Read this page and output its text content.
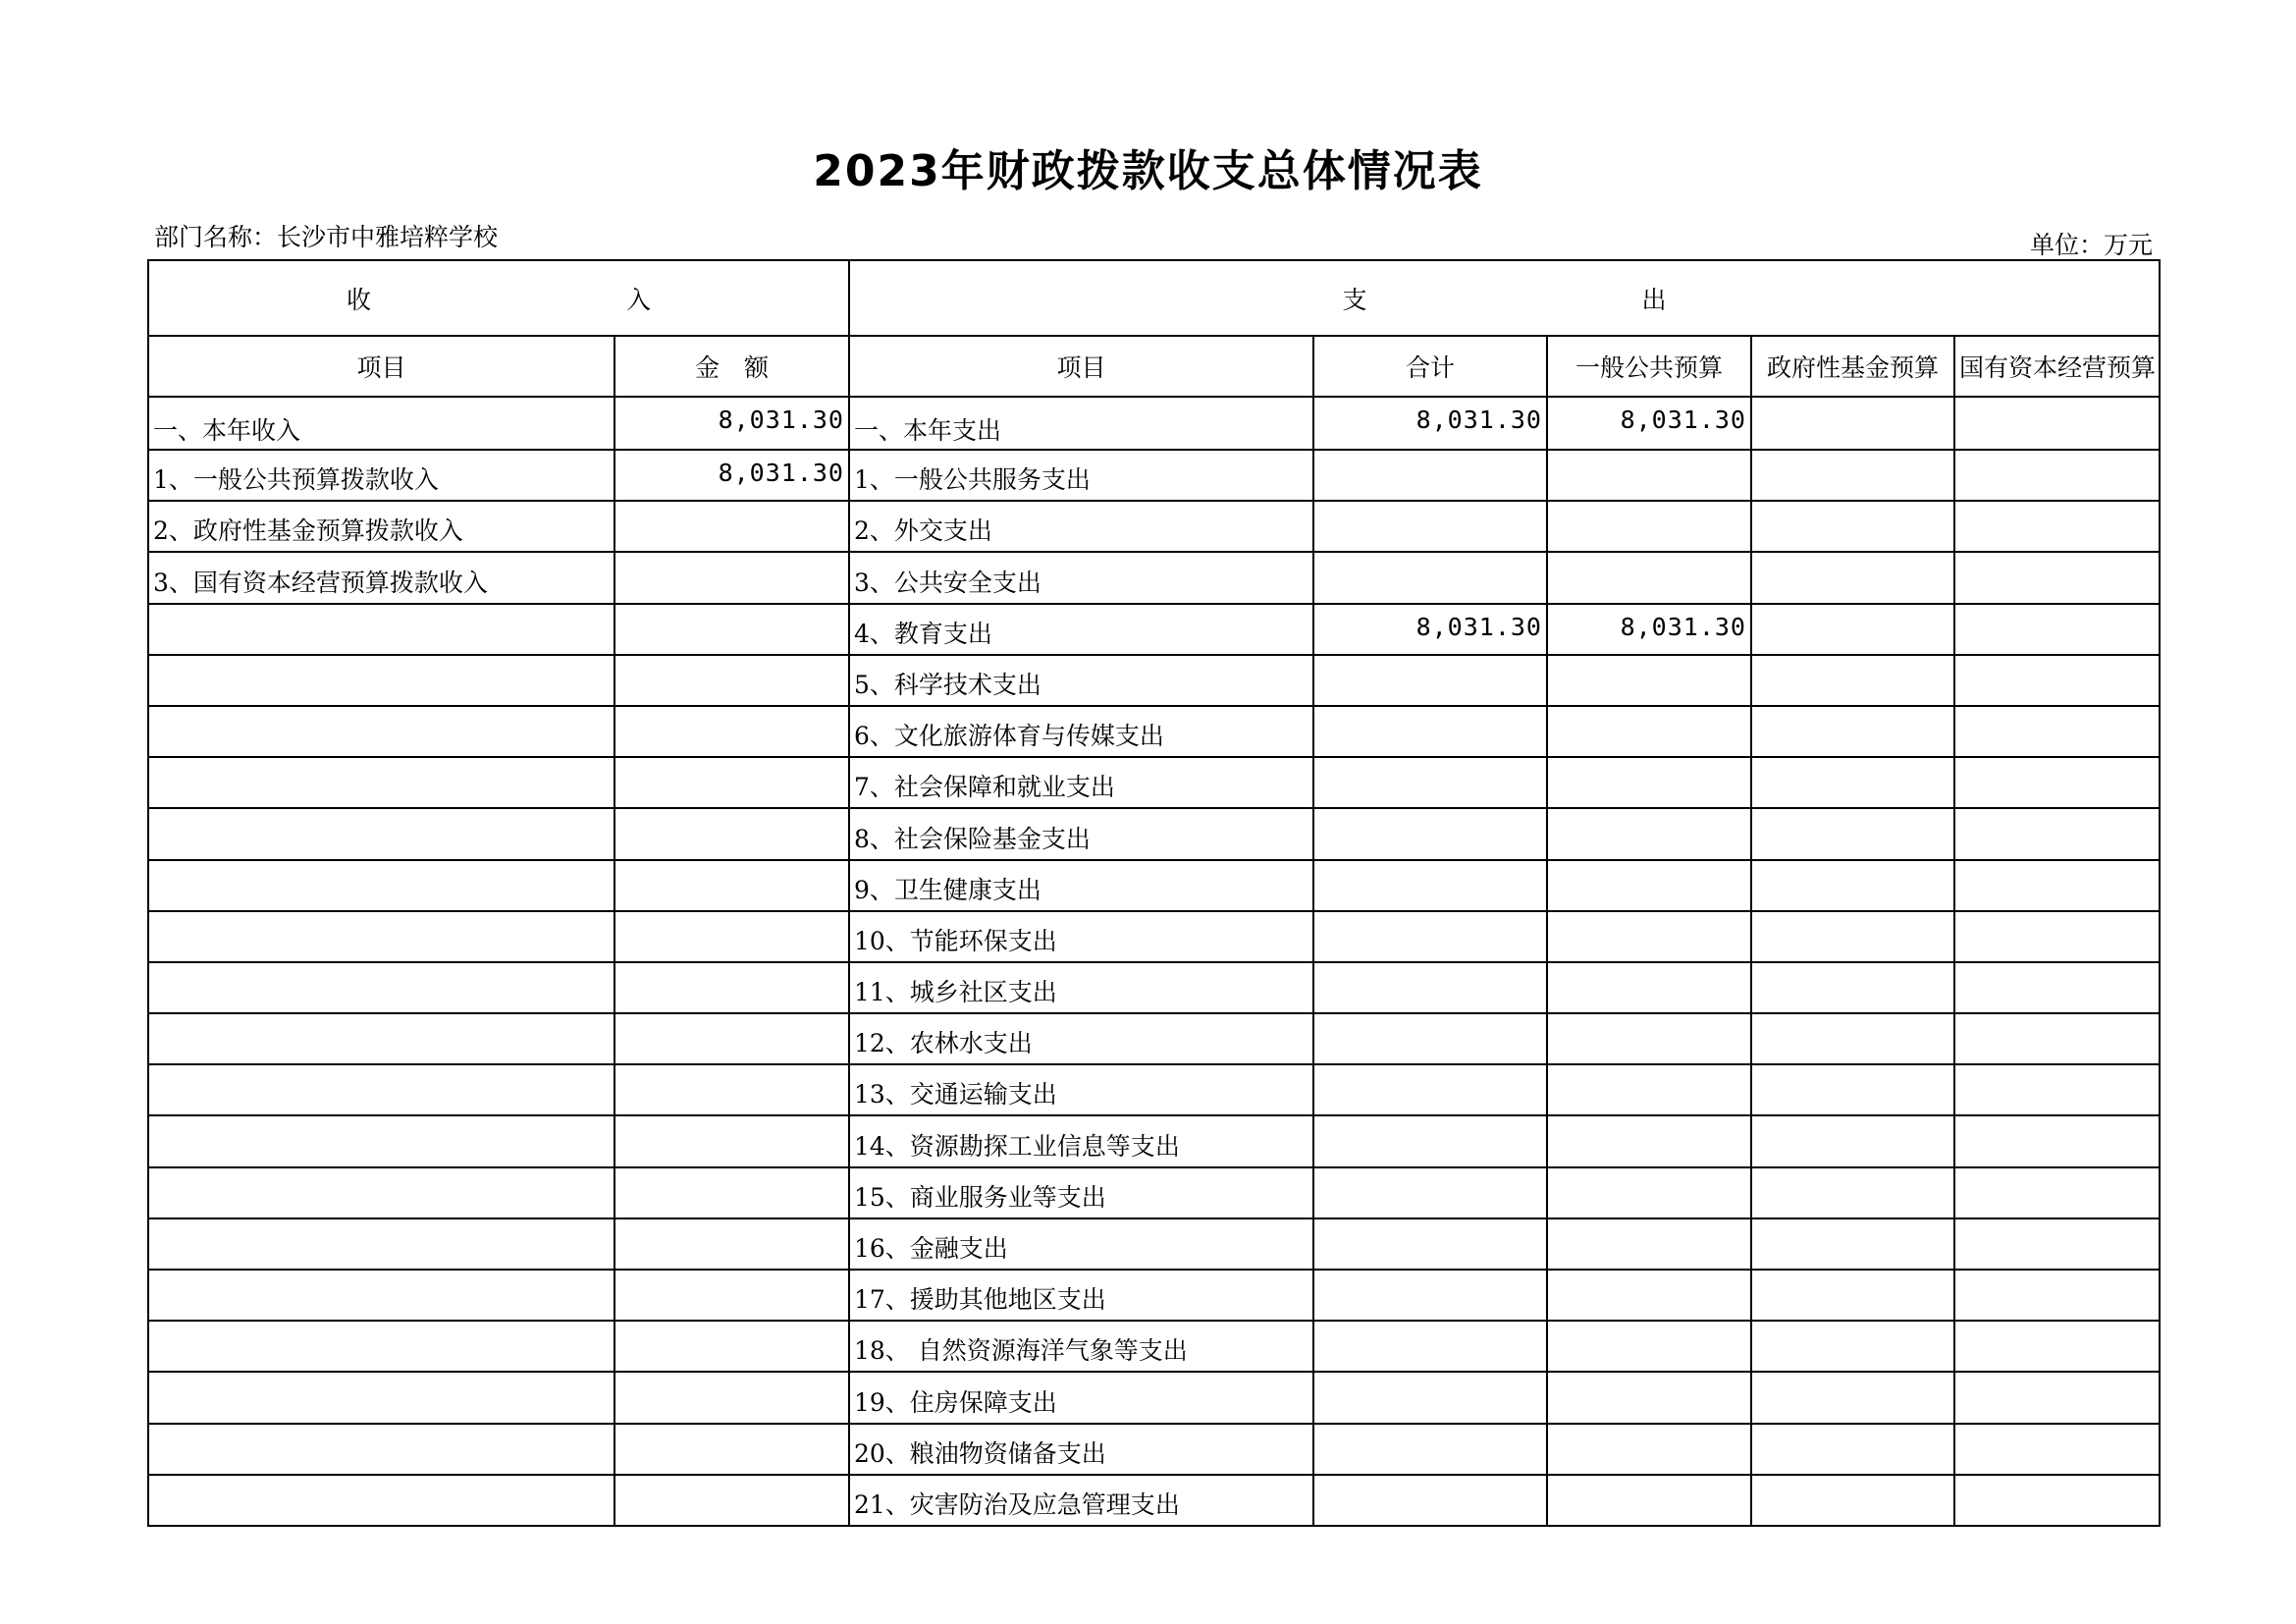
2023年财政拨款收支总体情况表
部门名称：长沙市中雅培粹学校	单位：万元
收 入		支 出				

项目	金　额	项目	合计	一般公共预算	政府性基金预算	国有资本经营预算
一、本年收入	8,031.30	一、本年支出	8,031.30	8,031.30		
1、一般公共预算拨款收入	8,031.30	1、一般公共服务支出				
2、政府性基金预算拨款收入		2、外交支出				
3、国有资本经营预算拨款收入		3、公共安全支出				
		4、教育支出	8,031.30	8,031.30		
		5、科学技术支出				
		6、文化旅游体育与传媒支出				
		7、社会保障和就业支出				
		8、社会保险基金支出				
		9、卫生健康支出				
		10、节能环保支出				
		11、城乡社区支出				
		12、农林水支出				
		13、交通运输支出				
		14、资源勘探工业信息等支出				
		15、商业服务业等支出				
		16、金融支出				
		17、援助其他地区支出				
		18、 自然资源海洋气象等支出				
		19、住房保障支出				
		20、粮油物资储备支出				
		21、灾害防治及应急管理支出				
